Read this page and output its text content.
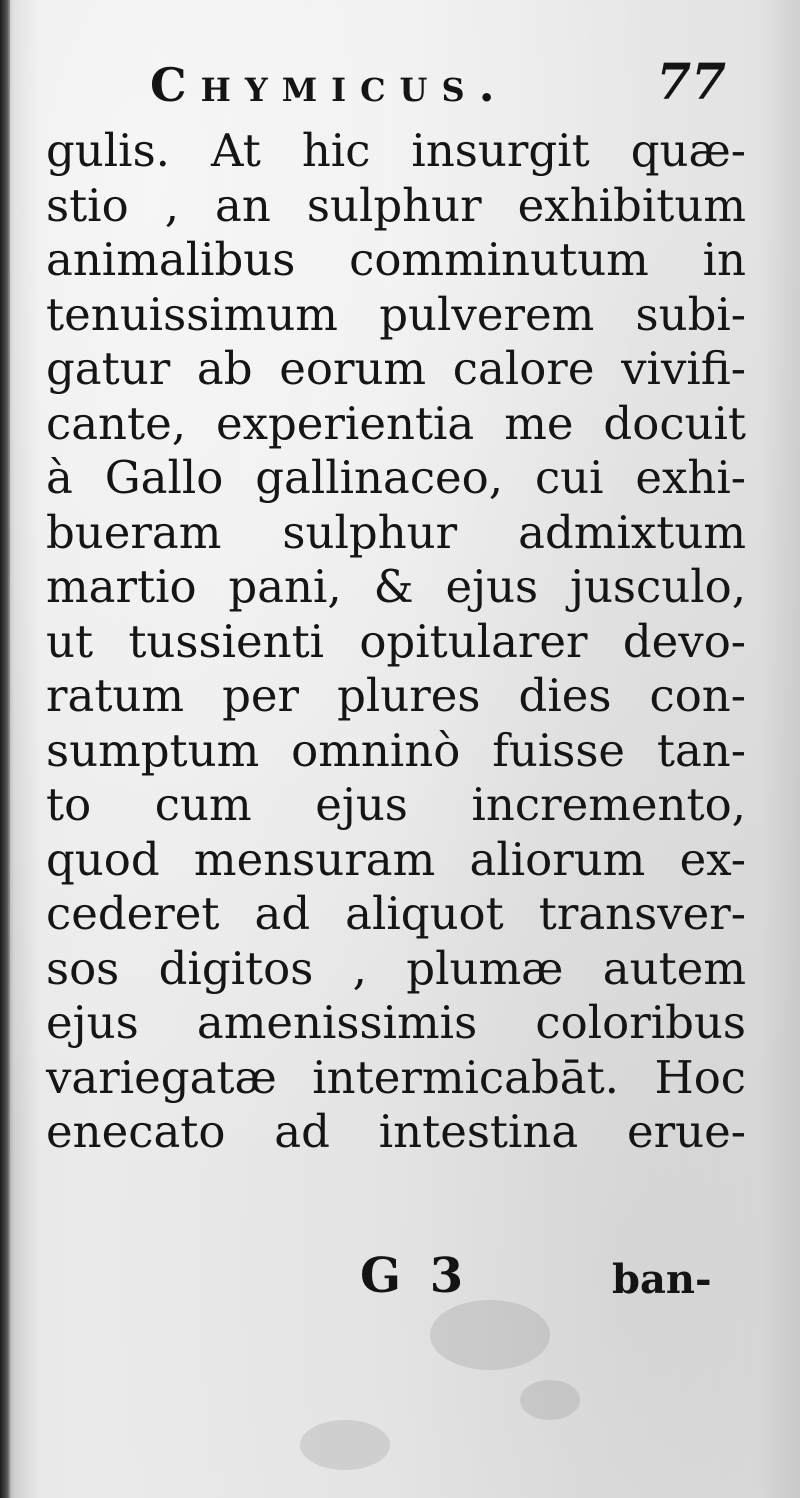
Chymicus.	77
gulis. At hic insurgit quæ-
stio , an sulphur exhibitum
animalibus comminutum in
tenuissimum pulverem subi-
gatur ab eorum calore vivifi-
cante, experientia me docuit
à Gallo gallinaceo, cui exhi-
bueram sulphur admixtum
martio pani, & ejus jusculo,
ut tussienti opitularer devo-
ratum per plures dies con-
sumptum omninò fuisse tan-
to cum ejus incremento,
quod mensuram aliorum ex-
cederet ad aliquot transver-
sos digitos , plumæ autem
ejus amenissimis coloribus
variegatæ intermicabāt. Hoc
enecato ad intestina erue-
G 3	ban-
